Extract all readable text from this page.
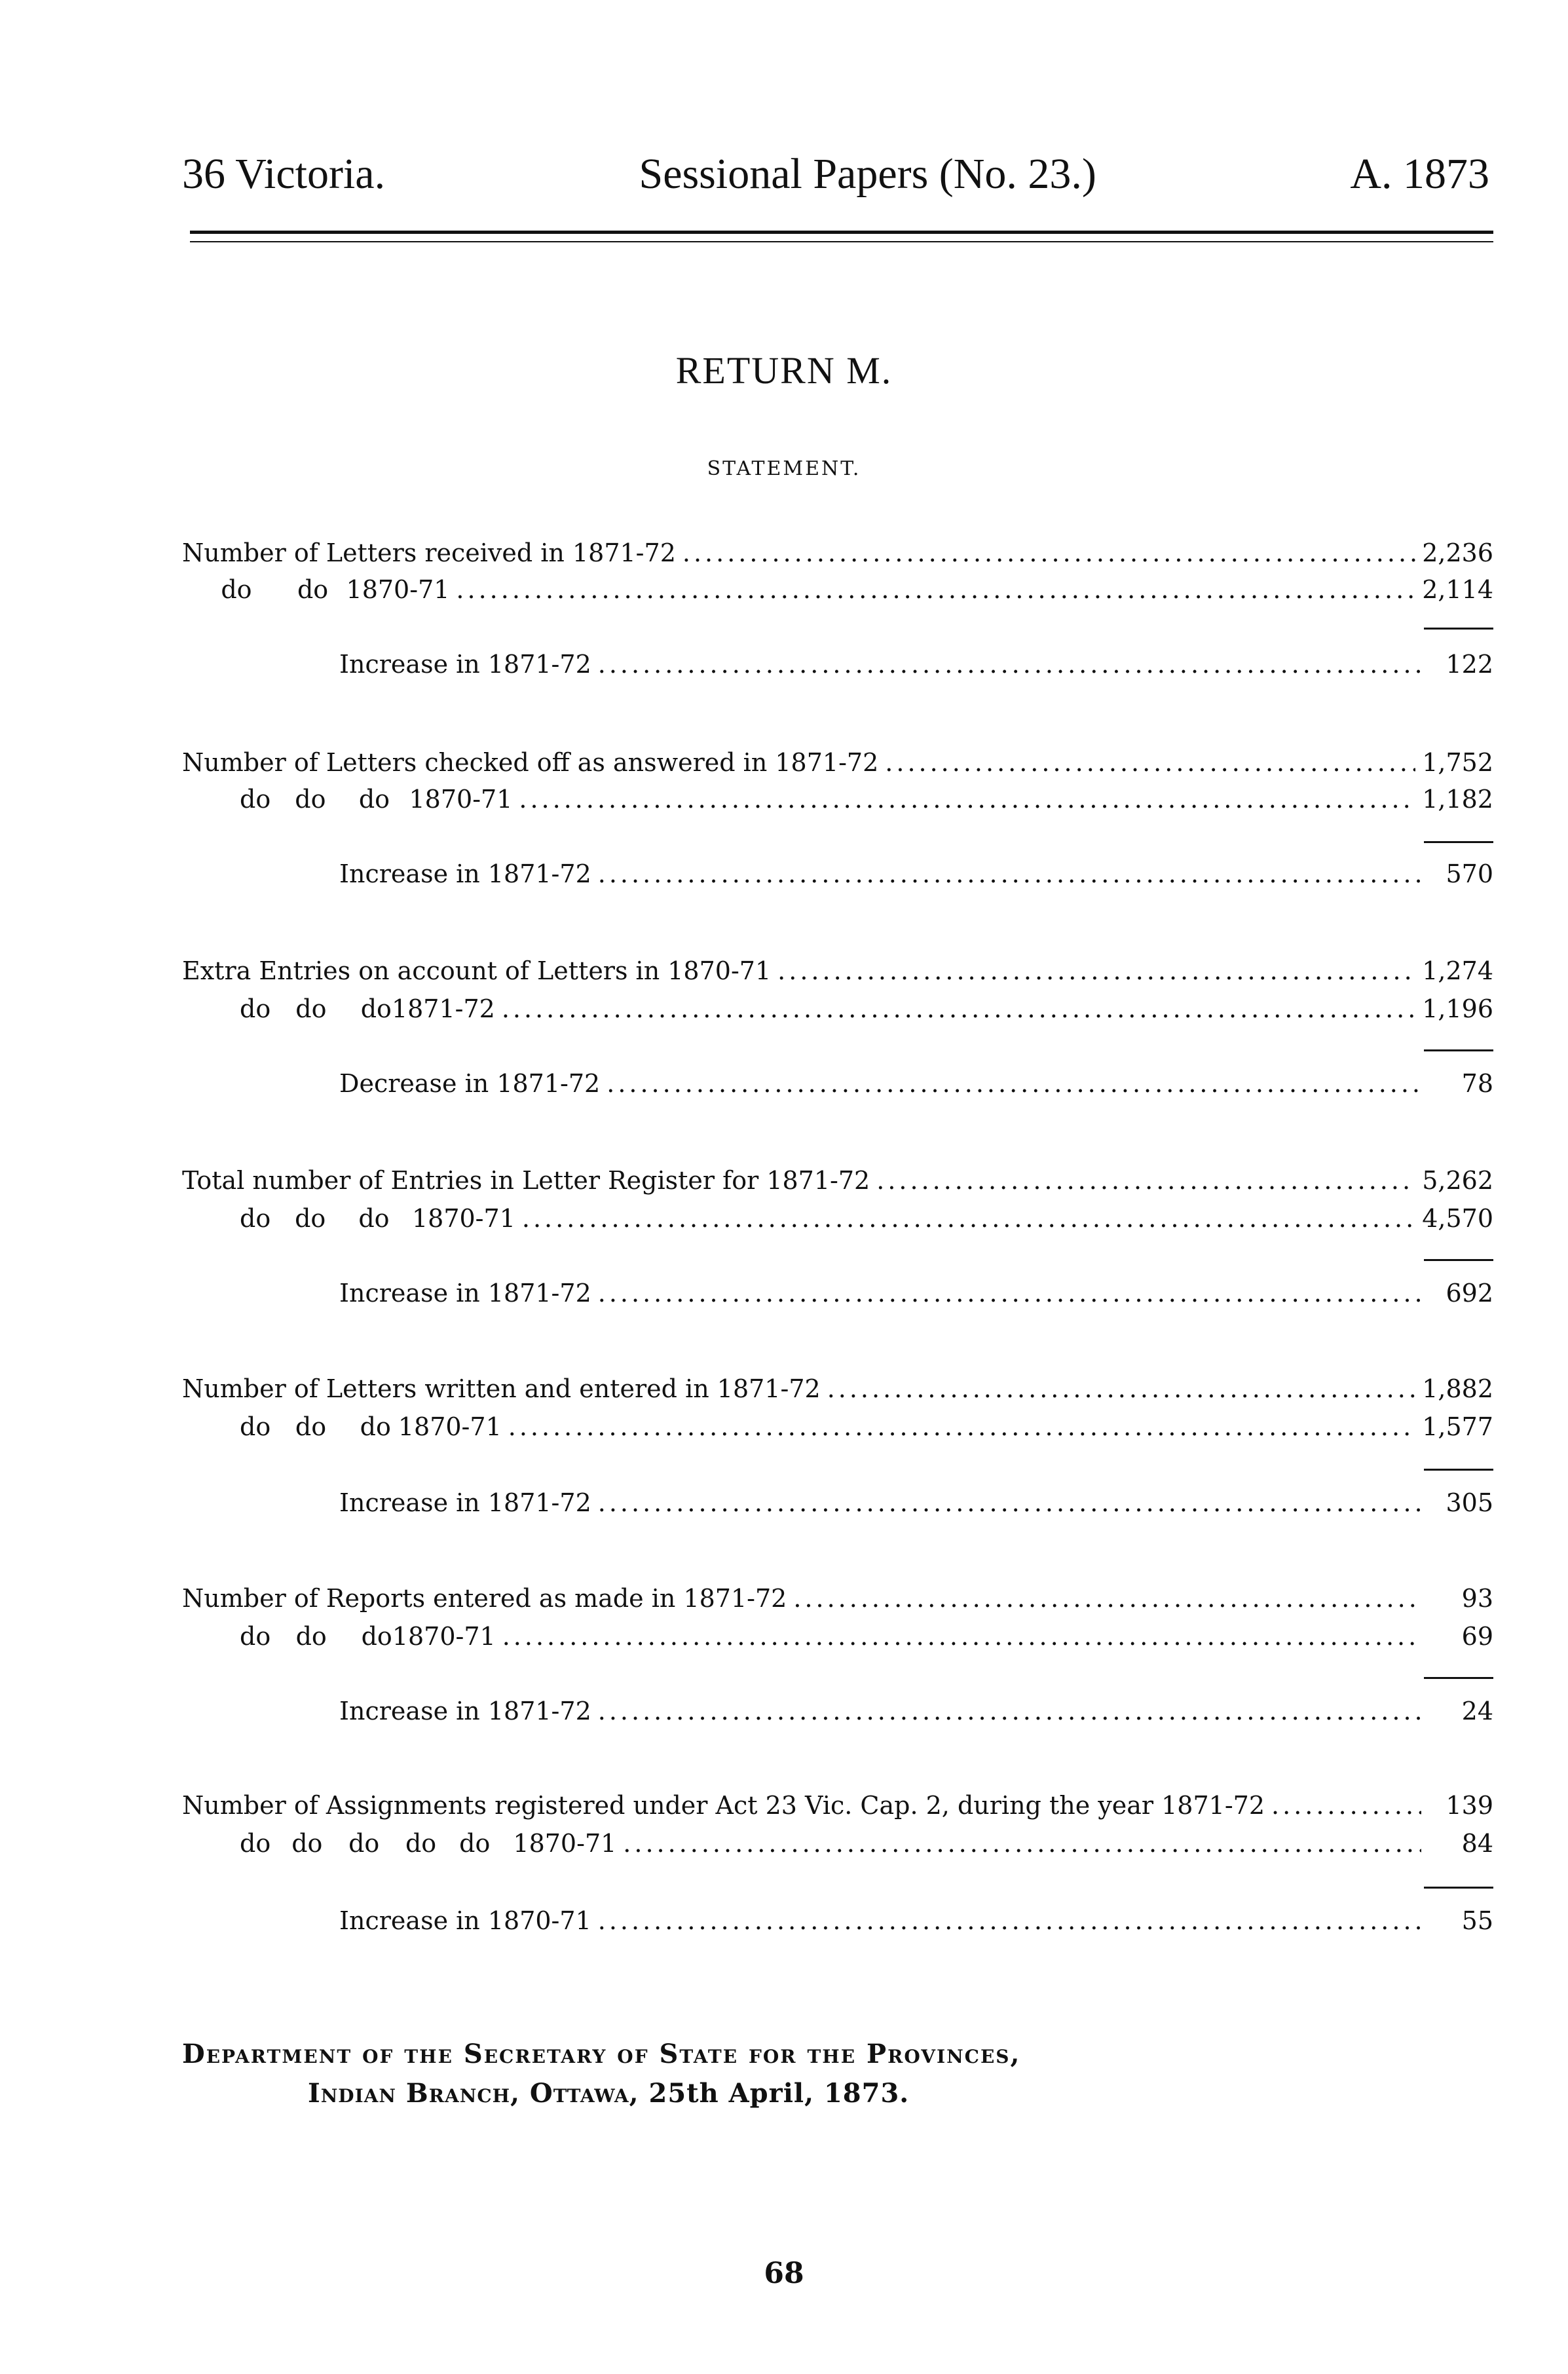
36 Victoria.	Sessional Papers (No. 23.)	A. 1873
RETURN M.
STATEMENT.
Number of Letters received in 1871-72 .....	2,236
do do 1870-71 .....	2,114
Increase in 1871-72 .....	122
Number of Letters checked off as answered in 1871-72 .....	1,752
do do	do 1870-71 .....	1,182
Increase in 1871-72 .....	570
Extra Entries on account of Letters in 1870-71 .....	1,274
do do	do 1871-72 .....	1,196
Decrease in 1871-72 .....	78
Total number of Entries in Letter Register for 1871-72 .....	5,262
do do	do 1870-71 .....	4,570
Increase in 1871-72 .....	692
Number of Letters written and entered in 1871-72 .....	1,882
do do	do 1870-71 .....	1,577
Increase in 1871-72 .....	305
Number of Reports entered as made in 1871-72 .....	93
do do	do 1870-71 .....	69
Increase in 1871-72 .....	24
Number of Assignments registered under Act 23 Vic. Cap. 2, during the year 1871-72 .....	139
do do	do	do do 1870-71 .....	84
Increase in 1870-71 .....	55
Department of the Secretary of State for the Provinces,
Indian Branch, Ottawa, 25th April, 1873.
68
